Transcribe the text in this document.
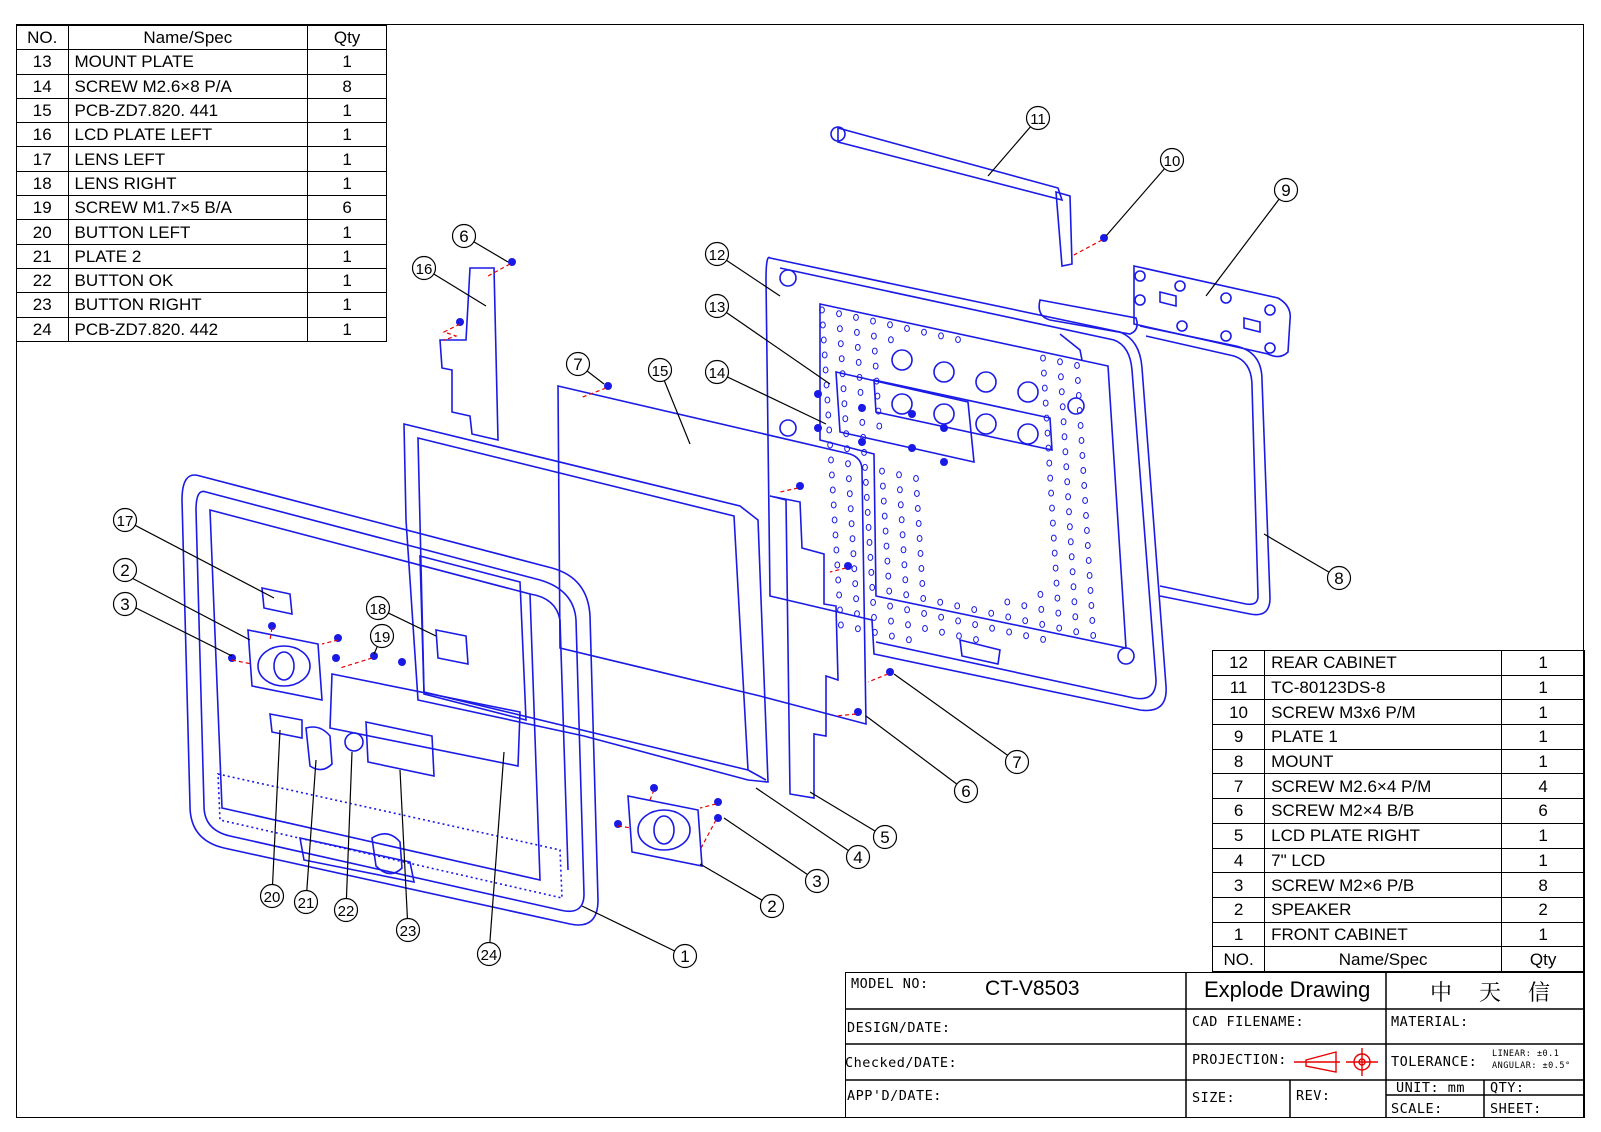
NO.	Name/Spec	Qty
13	MOUNT PLATE	1
14	SCREW M2.6×8 P/A	8
15	PCB-ZD7.820. 441	1
16	LCD PLATE LEFT	1
17	LENS LEFT	1
18	LENS RIGHT	1
19	SCREW M1.7×5 B/A	6
20	BUTTON LEFT	1
21	PLATE 2	1
22	BUTTON OK	1
23	BUTTON RIGHT	1
24	PCB-ZD7.820. 442	1
12	REAR CABINET	1
11	TC-80123DS-8	1
10	SCREW M3x6 P/M	1
9	PLATE 1	1
8	MOUNT	1
7	SCREW M2.6×4 P/M	4
6	SCREW M2×4 B/B	6
5	LCD PLATE RIGHT	1
4	7" LCD	1
3	SCREW M2×6 P/B	8
2	SPEAKER	2
1	FRONT CABINET	1
NO.	Name/Spec	Qty
1
2
3
4
5
6
7
8
9
10
11
12
13
14
15
16
17
18
19
20 21 22
23
24
2
3
6
7
MODEL NO:	CT-V8503	Explode Drawing	中 天 信
DESIGN/DATE:	CAD FILENAME:	MATERIAL:
Checked/DATE:	PROJECTION:	TOLERANCE: LINEAR: ±0.1
ANGULAR: ±0.5°
APP'D/DATE:	SIZE:	REV:	UNIT: mm QTY:
SCALE:	SHEET:
